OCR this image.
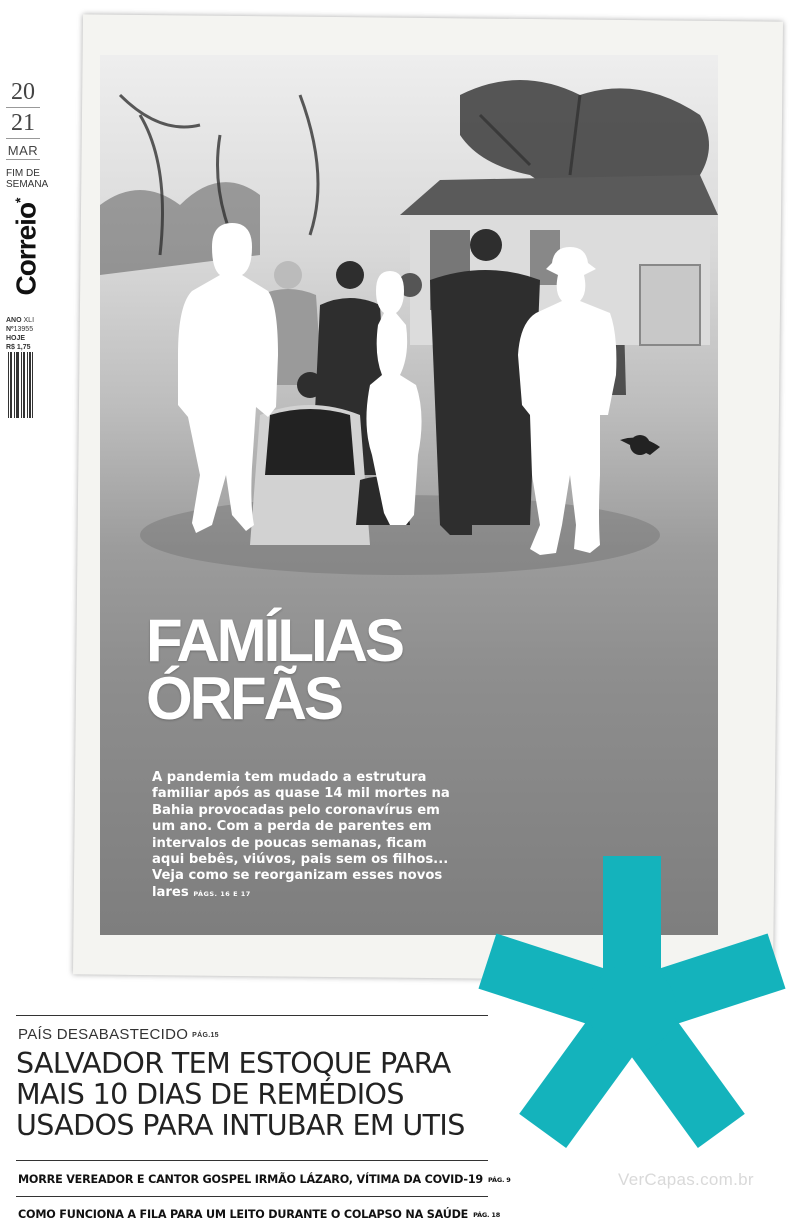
20
21
MAR
FIM DE
SEMANA
Correio*
ANO XLI
Nº13955
HOJE
R$ 1,75
FAMÍLIAS
ÓRFÃS
A pandemia tem mudado a estrutura familiar após as quase 14 mil mortes na Bahia provocadas pelo coronavírus em um ano. Com a perda de parentes em intervalos de poucas semanas, ficam aqui bebês, viúvos, pais sem os filhos... Veja como se reorganizam esses novos lares PÁGS. 16 E 17
PAÍS DESABASTECIDO PÁG.15
SALVADOR TEM ESTOQUE PARA
MAIS 10 DIAS DE REMÉDIOS
USADOS PARA INTUBAR EM UTIS
MORRE VEREADOR E CANTOR GOSPEL IRMÃO LÁZARO, VÍTIMA DA COVID-19 PÁG. 9
COMO FUNCIONA A FILA PARA UM LEITO DURANTE O COLAPSO NA SAÚDE PÁG. 18
VerCapas.com.br
